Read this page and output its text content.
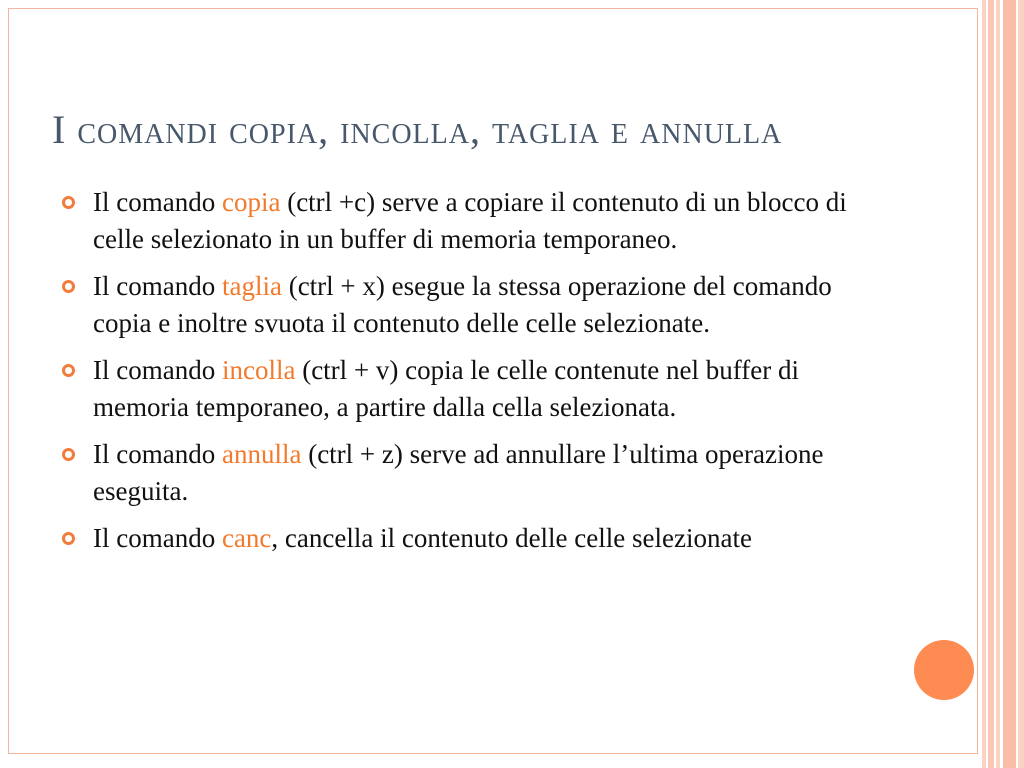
I comandi copia, incolla, taglia e annulla
Il comando copia (ctrl +c) serve a copiare il contenuto di un blocco di celle selezionato in un buffer di memoria temporaneo.
Il comando taglia (ctrl + x) esegue la stessa operazione del comando copia e inoltre svuota il contenuto delle celle selezionate.
Il comando incolla (ctrl + v) copia le celle contenute nel buffer di memoria temporaneo, a partire dalla cella selezionata.
Il comando annulla (ctrl + z) serve ad annullare l’ultima operazione eseguita.
Il comando canc, cancella il contenuto delle celle selezionate
